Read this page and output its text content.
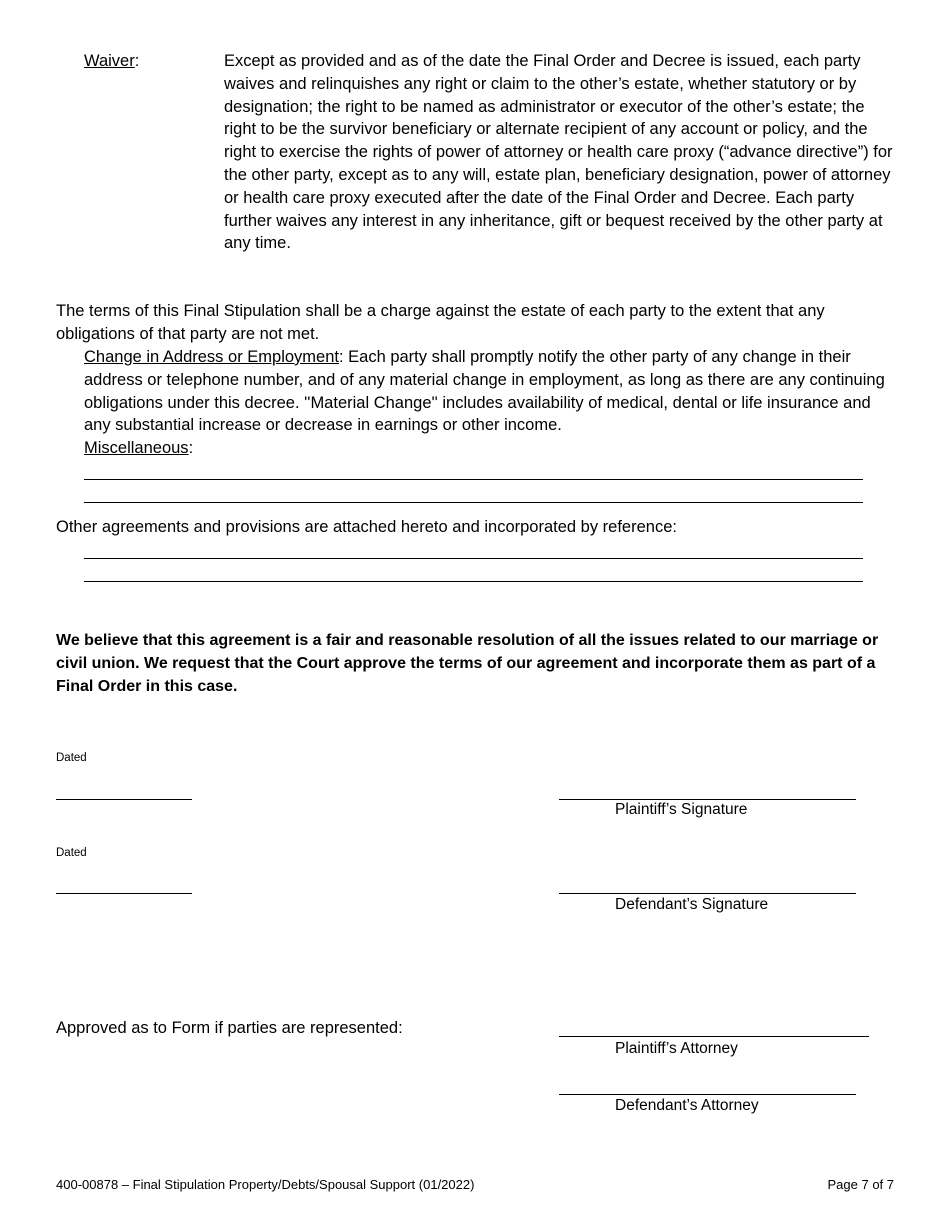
Waiver:	Except as provided and as of the date the Final Order and Decree is issued, each party waives and relinquishes any right or claim to the other’s estate, whether statutory or by designation; the right to be named as administrator or executor of the other’s estate; the right to be the survivor beneficiary or alternate recipient of any account or policy, and the right to exercise the rights of power of attorney or health care proxy (“advance directive”) for the other party, except as to any will, estate plan, beneficiary designation, power of attorney or health care proxy executed after the date of the Final Order and Decree. Each party further waives any interest in any inheritance, gift or bequest received by the other party at any time.
The terms of this Final Stipulation shall be a charge against the estate of each party to the extent that any obligations of that party are not met.
Change in Address or Employment: Each party shall promptly notify the other party of any change in their address or telephone number, and of any material change in employment, as long as there are any continuing obligations under this decree. ''Material Change'' includes availability of medical, dental or life insurance and any substantial increase or decrease in earnings or other income.
Miscellaneous:
Other agreements and provisions are attached hereto and incorporated by reference:
We believe that this agreement is a fair and reasonable resolution of all the issues related to our marriage or civil union. We request that the Court approve the terms of our agreement and incorporate them as part of a Final Order in this case.
Dated
Plaintiff’s Signature
Dated
Defendant’s Signature
Approved as to Form if parties are represented:
Plaintiff’s Attorney
Defendant’s Attorney
400-00878 – Final Stipulation Property/Debts/Spousal Support (01/2022)	Page 7 of 7
